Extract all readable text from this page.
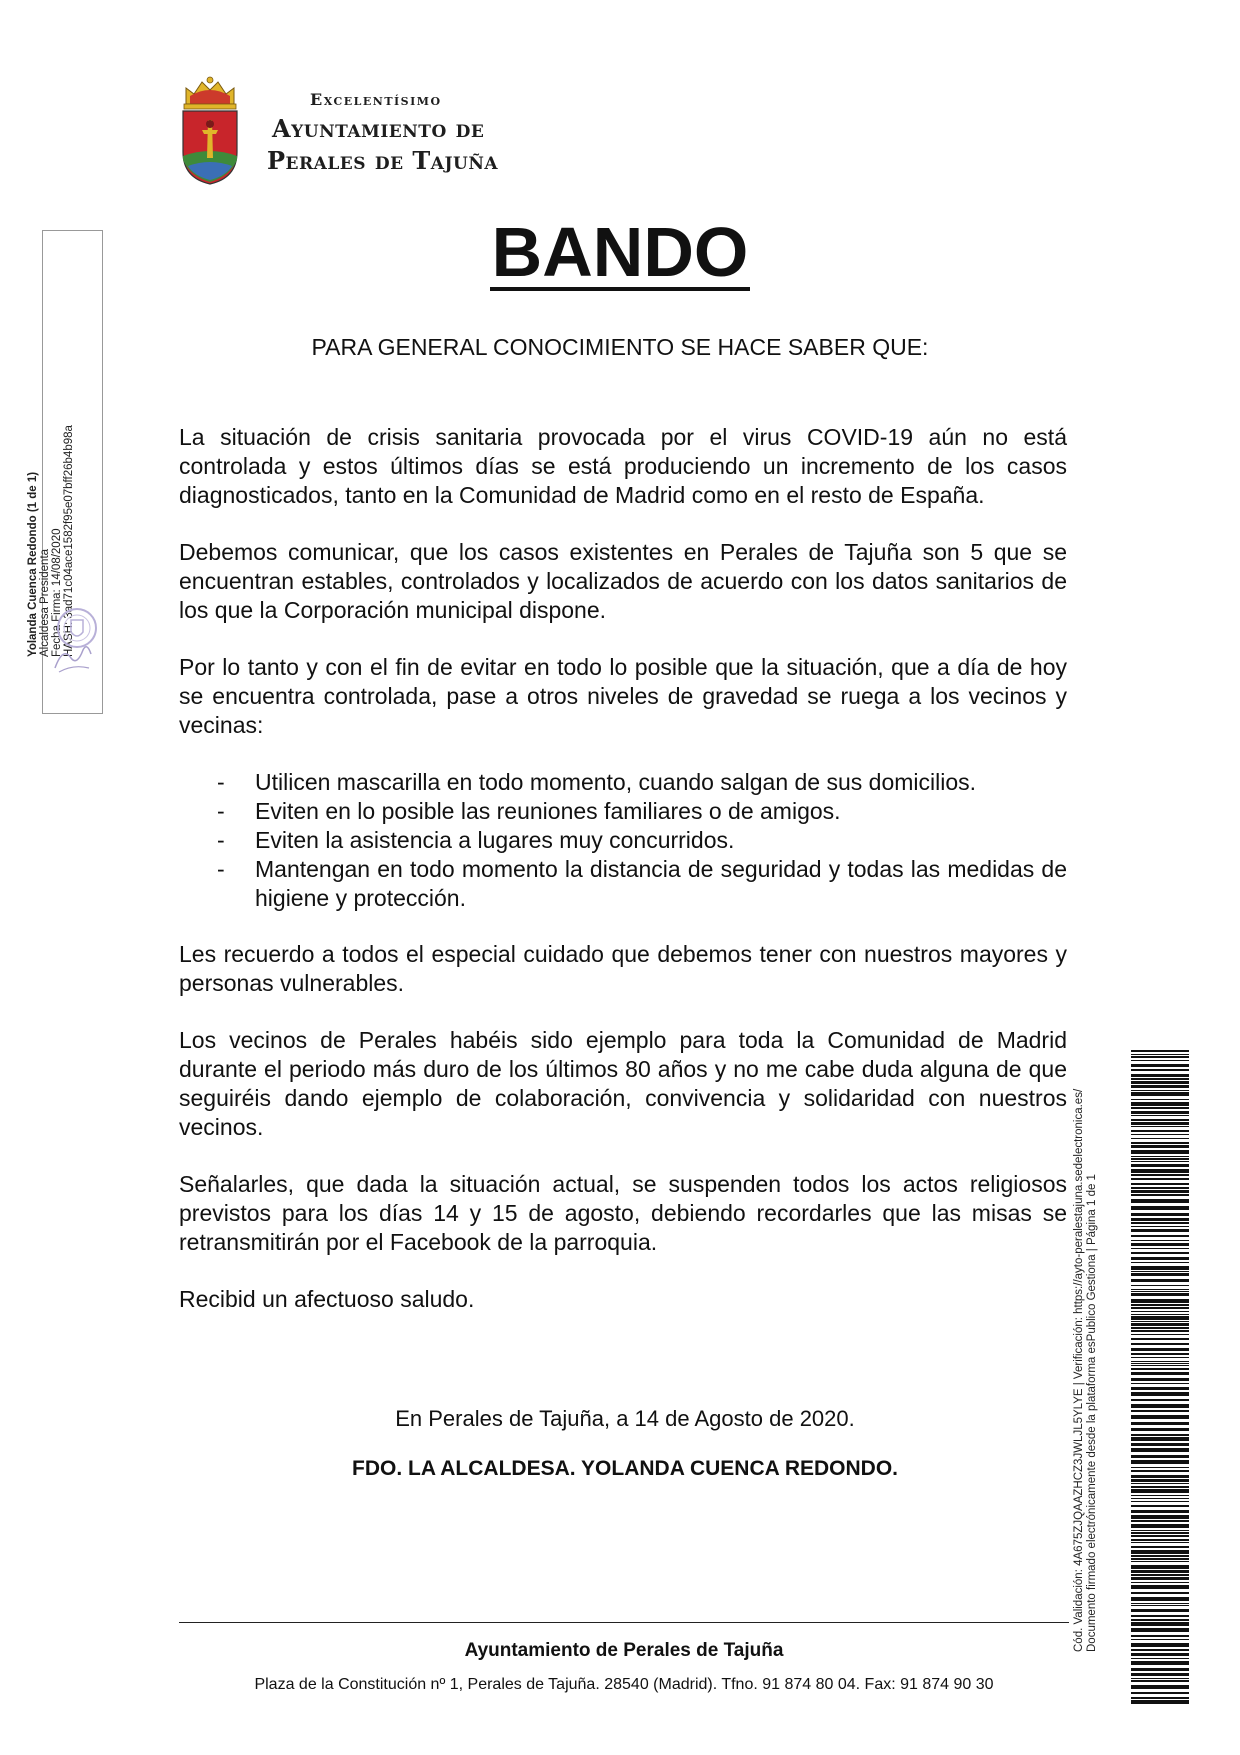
Excelentísimo
Ayuntamiento de
Perales de Tajuña
BANDO
PARA GENERAL CONOCIMIENTO SE HACE SABER QUE:

La situación de crisis sanitaria provocada por el virus COVID-19 aún no está controlada y estos últimos días se está produciendo un incremento de los casos diagnosticados, tanto en la Comunidad de Madrid como en el resto de España.

Debemos comunicar, que los casos existentes en Perales de Tajuña son 5 que se encuentran estables, controlados y localizados de acuerdo con los datos sanitarios de los que la Corporación municipal dispone.

Por lo tanto y con el fin de evitar en todo lo posible que la situación, que a día de hoy se encuentra controlada, pase a otros niveles de gravedad se ruega a los vecinos y vecinas:

- Utilicen mascarilla en todo momento, cuando salgan de sus domicilios.
- Eviten en lo posible las reuniones familiares o de amigos.
- Eviten la asistencia a lugares muy concurridos.
- Mantengan en todo momento la distancia de seguridad y todas las medidas de higiene y protección.

Les recuerdo a todos el especial cuidado que debemos tener con nuestros mayores y personas vulnerables.

Los vecinos de Perales habéis sido ejemplo para toda la Comunidad de Madrid durante el periodo más duro de los últimos 80 años y no me cabe duda alguna de que seguiréis dando ejemplo de colaboración, convivencia y solidaridad con nuestros vecinos.

Señalarles, que dada la situación actual, se suspenden todos los actos religiosos previstos para los días 14 y 15 de agosto, debiendo recordarles que las misas se retransmitirán por el Facebook de la parroquia.

Recibid un afectuoso saludo.

En Perales de Tajuña, a 14 de Agosto de 2020.
FDO. LA ALCALDESA. YOLANDA CUENCA REDONDO.
Ayuntamiento de Perales de Tajuña
Plaza de la Constitución nº 1, Perales de Tajuña. 28540 (Madrid). Tfno. 91 874 80 04. Fax: 91 874 90 30
Yolanda Cuenca Redondo (1 de 1) Alcaldesa Presidenta Fecha Firma: 14/08/2020 HASH: 3ad71c04ace1582f95e07bff26b4b98a
Cód. Validación: 4A675ZJQAAZHCZ3JWLJL5YLYE | Verificación: https://ayto-peralestajuna.sedelectronica.es/ Documento firmado electrónicamente desde la plataforma esPublico Gestiona | Página 1 de 1
